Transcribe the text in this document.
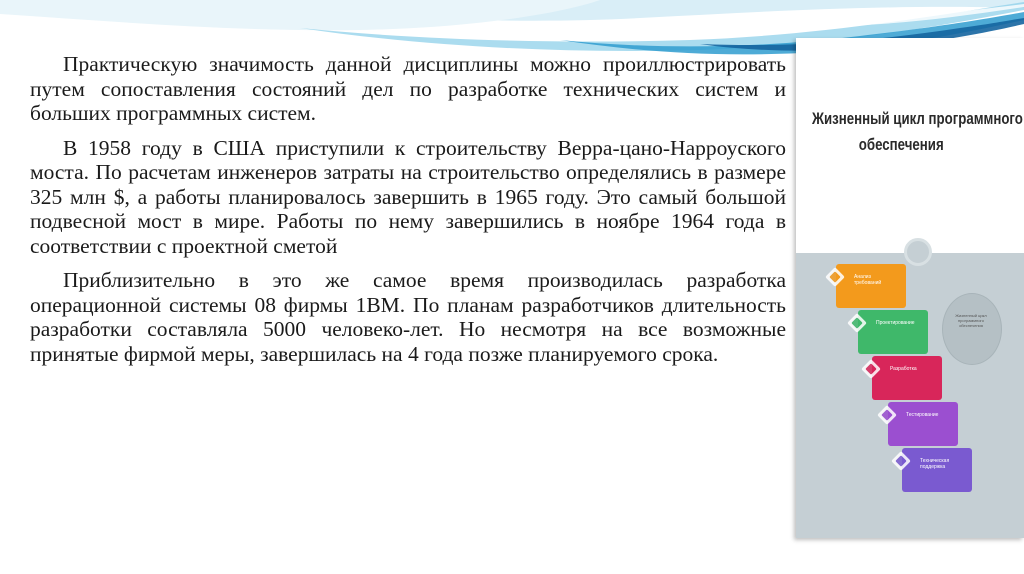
Практическую значимость данной дисциплины можно проиллюстрировать путем сопоставления состояний дел по разработке технических систем и больших программных систем.

В 1958 году в США приступили к строительству Верра-цано-Нарроуского моста. По расчетам инженеров затраты на строительство определялись в размере 325 млн $, а работы планировалось завершить в 1965 году. Это самый большой подвесной мост в мире. Работы по нему завершились в ноябре 1964 года в соответствии с проектной сметой

Приблизительно в это же самое время производилась разработка операционной системы 08 фирмы 1ВМ. По планам разработчиков длительность разработки составляла 5000 человеко-лет. Но несмотря на все возможные принятые фирмой меры, завершилась на 4 года позже планируемого срока.

Жизненный цикл программного
обеспечения
Жизненный цикл программного обеспечения
Анализ требований
Проектирование
Разработка
Тестирование
Техническая поддержка
